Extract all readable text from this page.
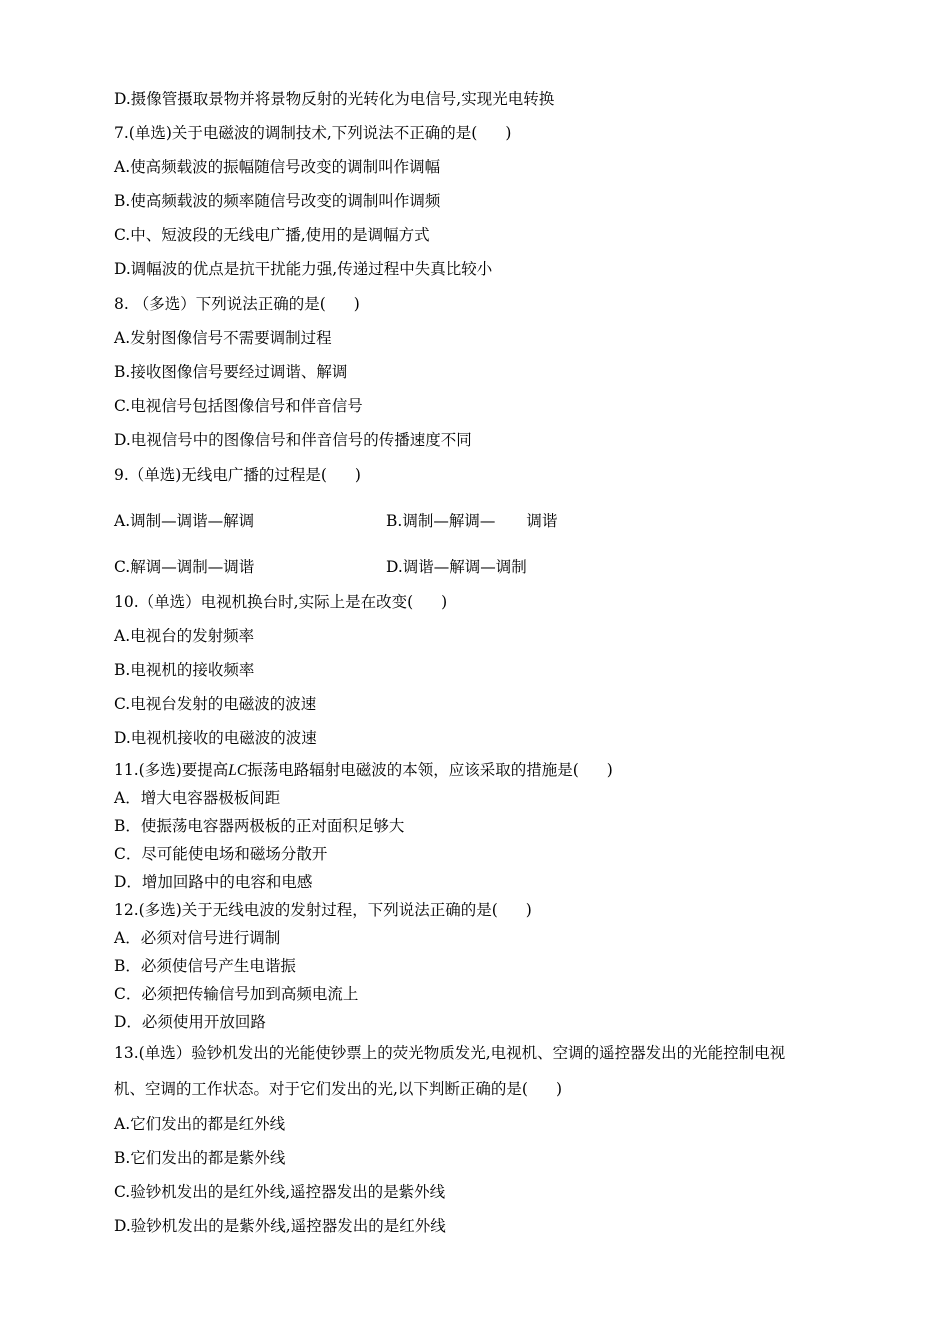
D.摄像管摄取景物并将景物反射的光转化为电信号,实现光电转换
7.(单选)关于电磁波的调制技术,下列说法不正确的是( )
A.使高频载波的振幅随信号改变的调制叫作调幅
B.使高频载波的频率随信号改变的调制叫作调频
C.中、短波段的无线电广播,使用的是调幅方式
D.调幅波的优点是抗干扰能力强,传递过程中失真比较小
8. （多选）下列说法正确的是( )
A.发射图像信号不需要调制过程
B.接收图像信号要经过调谐、解调
C.电视信号包括图像信号和伴音信号
D.电视信号中的图像信号和伴音信号的传播速度不同
9.（单选)无线电广播的过程是( )
A.调制—调谐—解调	B.调制—解调—　　调谐
C.解调—调制—调谐	D.调谐—解调—调制
10.（单选）电视机换台时,实际上是在改变( )
A.电视台的发射频率
B.电视机的接收频率
C.电视台发射的电磁波的波速
D.电视机接收的电磁波的波速
11.(多选)要提高LC振荡电路辐射电磁波的本领，应该采取的措施是( )
A．增大电容器极板间距
B．使振荡电容器两极板的正对面积足够大
C．尽可能使电场和磁场分散开
D．增加回路中的电容和电感
12.(多选)关于无线电波的发射过程，下列说法正确的是( )
A．必须对信号进行调制
B．必须使信号产生电谐振
C．必须把传输信号加到高频电流上
D．必须使用开放回路
13.(单选）验钞机发出的光能使钞票上的荧光物质发光,电视机、空调的遥控器发出的光能控制电视
机、空调的工作状态。对于它们发出的光,以下判断正确的是( )
A.它们发出的都是红外线
B.它们发出的都是紫外线
C.验钞机发出的是红外线,遥控器发出的是紫外线
D.验钞机发出的是紫外线,遥控器发出的是红外线
